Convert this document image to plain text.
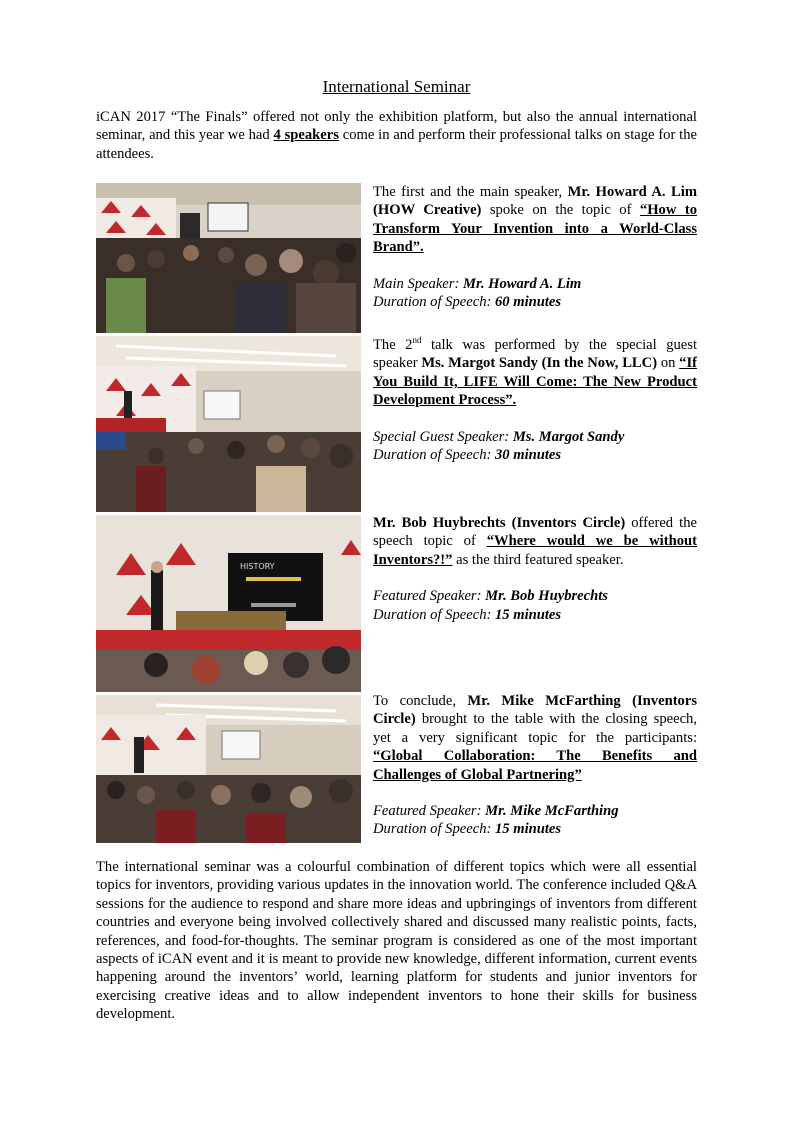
International Seminar
iCAN 2017 “The Finals” offered not only the exhibition platform, but also the annual international seminar, and this year we had 4 speakers come in and perform their professional talks on stage for the attendees.

The first and the main speaker, Mr. Howard A. Lim (HOW Creative) spoke on the topic of “How to Transform Your Invention into a World-Class Brand”.

Main Speaker: Mr. Howard A. Lim
Duration of Speech: 60 minutes

The 2nd talk was performed by the special guest speaker Ms. Margot Sandy (In the Now, LLC) on “If You Build It, LIFE Will Come: The New Product Development Process”.

Special Guest Speaker: Ms. Margot Sandy
Duration of Speech: 30 minutes

HISTORY

Mr. Bob Huybrechts (Inventors Circle) offered the speech topic of “Where would we be without Inventors?!” as the third featured speaker.

Featured Speaker: Mr. Bob Huybrechts
Duration of Speech: 15 minutes

To conclude, Mr. Mike McFarthing (Inventors Circle) brought to the table with the closing speech, yet a very significant topic for the participants: “Global Collaboration: The Benefits and Challenges of Global Partnering”

Featured Speaker: Mr. Mike McFarthing
Duration of Speech: 15 minutes

The international seminar was a colourful combination of different topics which were all essential topics for inventors, providing various updates in the innovation world. The conference included Q&A sessions for the audience to respond and share more ideas and upbringings of inventors from different countries and everyone being involved collectively shared and discussed many realistic points, facts, references, and food-for-thoughts. The seminar program is considered as one of the most important aspects of iCAN event and it is meant to provide new knowledge, different information, current events happening around the inventors’ world, learning platform for students and junior inventors for exercising creative ideas and to allow independent inventors to hone their skills for business development.
